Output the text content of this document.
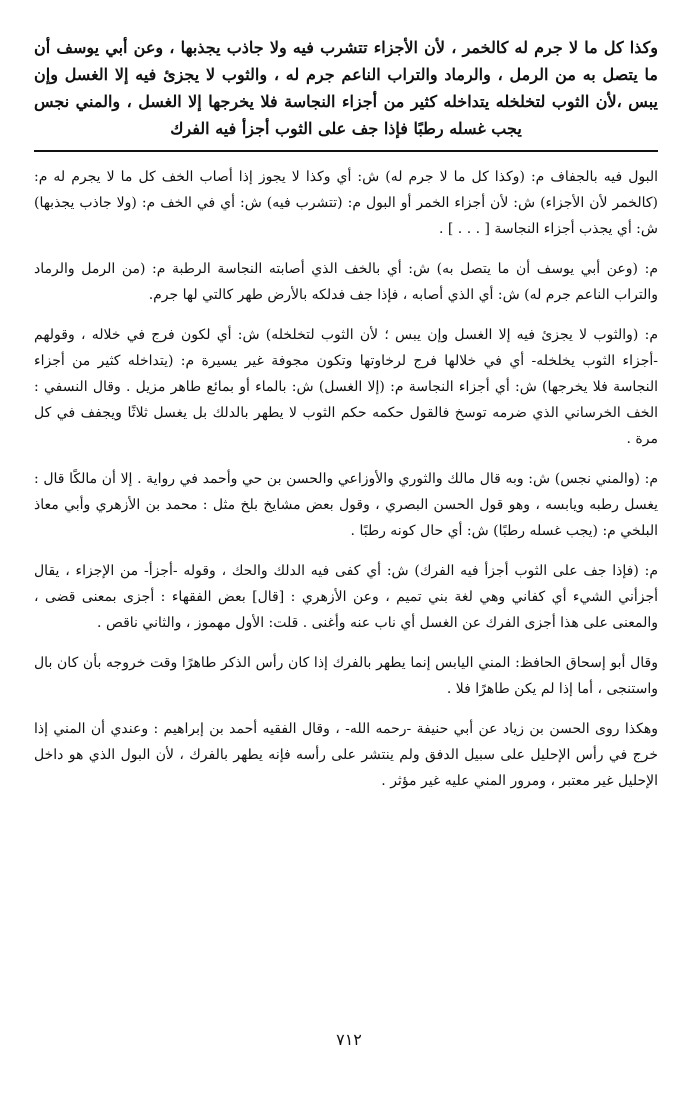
وكذا كل ما لا جرم له كالخمر ، لأن الأجزاء تتشرب فيه ولا جاذب يجذبها ، وعن أبي يوسف أن ما يتصل به من الرمل ، والرماد والتراب الناعم جرم له ، والثوب لا يجزئ فيه إلا الغسل وإن يبس ،لأن الثوب لتخلخله يتداخله كثير من أجزاء النجاسة فلا يخرجها إلا الغسل ، والمني نجس يجب غسله رطبًا فإذا جف على الثوب أجزأ فيه الفرك

البول فيه بالجفاف م: (وكذا كل ما لا جرم له) ش: أي وكذا لا يجوز إذا أصاب الخف كل ما لا يجرم له م: (كالخمر لأن الأجزاء) ش: لأن أجزاء الخمر أو البول م: (تتشرب فيه) ش: أي في الخف م: (ولا جاذب يجذبها) ش: أي يجذب أجزاء النجاسة [ . . . ] .

م: (وعن أبي يوسف أن ما يتصل به) ش: أي بالخف الذي أصابته النجاسة الرطبة م: (من الرمل والرماد والتراب الناعم جرم له) ش: أي الذي أصابه ، فإذا جف فدلكه بالأرض طهر كالتي لها جرم.

م: (والثوب لا يجزئ فيه إلا الغسل وإن يبس ؛ لأن الثوب لتخلخله) ش: أي لكون فرج في خلاله ، وقولهم -أجزاء الثوب يخلخله- أي في خلالها فرج لرخاوتها وتكون مجوفة غير يسيرة م: (يتداخله كثير من أجزاء النجاسة فلا يخرجها) ش: أي أجزاء النجاسة م: (إلا الغسل) ش: بالماء أو بمائع طاهر مزيل . وقال النسفي : الخف الخرساني الذي ضرمه توسخ فالقول حكمه حكم الثوب لا يطهر بالدلك بل يغسل ثلاثًا ويجفف في كل مرة .

م: (والمني نجس) ش: وبه قال مالك والثوري والأوزاعي والحسن بن حي وأحمد في رواية . إلا أن مالكًا قال : يغسل رطبه ويابسه ، وهو قول الحسن البصري ، وقول بعض مشايخ بلخ مثل : محمد بن الأزهري وأبي معاذ البلخي م: (يجب غسله رطبًا) ش: أي حال كونه رطبًا .

م: (فإذا جف على الثوب أجزأ فيه الفرك) ش: أي كفى فيه الدلك والحك ، وقوله -أجزأ- من الإجزاء ، يقال أجزأني الشيء أي كفاني وهي لغة بني تميم ، وعن الأزهري : [قال] بعض الفقهاء : أجزى بمعنى قضى ، والمعنى على هذا أجزى الفرك عن الغسل أي ناب عنه وأغنى . قلت: الأول مهموز ، والثاني ناقص .

وقال أبو إسحاق الحافظ: المني اليابس إنما يطهر بالفرك إذا كان رأس الذكر طاهرًا وقت خروجه بأن كان بال واستنجى ، أما إذا لم يكن طاهرًا فلا .

وهكذا روى الحسن بن زياد عن أبي حنيفة -رحمه الله- ، وقال الفقيه أحمد بن إبراهيم : وعندي أن المني إذا خرج في رأس الإحليل على سبيل الدفق ولم ينتشر على رأسه فإنه يطهر بالفرك ، لأن البول الذي هو داخل الإحليل غير معتبر ، ومرور المني عليه غير مؤثر .

٧١٢
